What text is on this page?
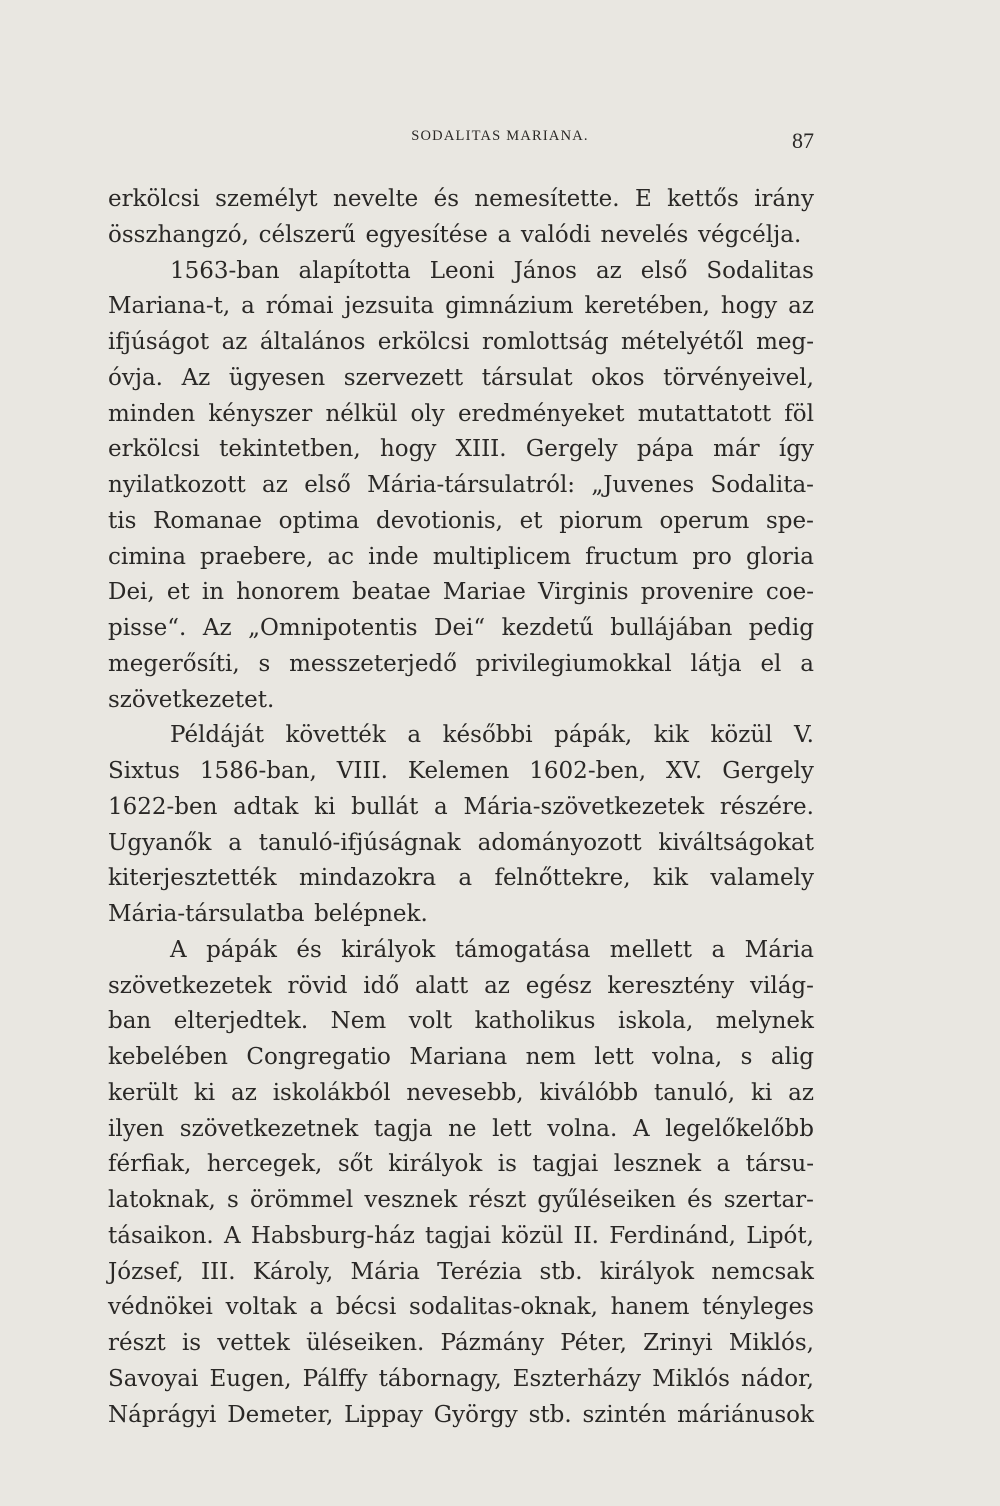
SODALITAS MARIANA.	87
erkölcsi személyt nevelte és nemesítette. E kettős irány
összhangzó, célszerű egyesítése a valódi nevelés végcélja.
1563-ban alapította Leoni János az első Sodalitas
Mariana-t, a római jezsuita gimnázium keretében, hogy az
ifjúságot az általános erkölcsi romlottság mételyétől meg-
óvja. Az ügyesen szervezett társulat okos törvényeivel,
minden kényszer nélkül oly eredményeket mutattatott föl
erkölcsi tekintetben, hogy XIII. Gergely pápa már így
nyilatkozott az első Mária-társulatról: „Juvenes Sodalita-
tis Romanae optima devotionis, et piorum operum spe-
cimina praebere, ac inde multiplicem fructum pro gloria
Dei, et in honorem beatae Mariae Virginis provenire coe-
pisse“. Az „Omnipotentis Dei“ kezdetű bullájában pedig
megerősíti, s messzeterjedő privilegiumokkal látja el a
szövetkezetet.
Példáját követték a későbbi pápák, kik közül V.
Sixtus 1586-ban, VIII. Kelemen 1602-ben, XV. Gergely
1622-ben adtak ki bullát a Mária-szövetkezetek részére.
Ugyanők a tanuló-ifjúságnak adományozott kiváltságokat
kiterjesztették mindazokra a felnőttekre, kik valamely
Mária-társulatba belépnek.
A pápák és királyok támogatása mellett a Mária
szövetkezetek rövid idő alatt az egész keresztény világ-
ban elterjedtek. Nem volt katholikus iskola, melynek
kebelében Congregatio Mariana nem lett volna, s alig
került ki az iskolákból nevesebb, kiválóbb tanuló, ki az
ilyen szövetkezetnek tagja ne lett volna. A legelőkelőbb
férfiak, hercegek, sőt királyok is tagjai lesznek a társu-
latoknak, s örömmel vesznek részt gyűléseiken és szertar-
tásaikon. A Habsburg-ház tagjai közül II. Ferdinánd, Lipót,
József, III. Károly, Mária Terézia stb. királyok nemcsak
védnökei voltak a bécsi sodalitas-oknak, hanem tényleges
részt is vettek üléseiken. Pázmány Péter, Zrinyi Miklós,
Savoyai Eugen, Pálffy tábornagy, Eszterházy Miklós nádor,
Náprágyi Demeter, Lippay György stb. szintén máriánusok
